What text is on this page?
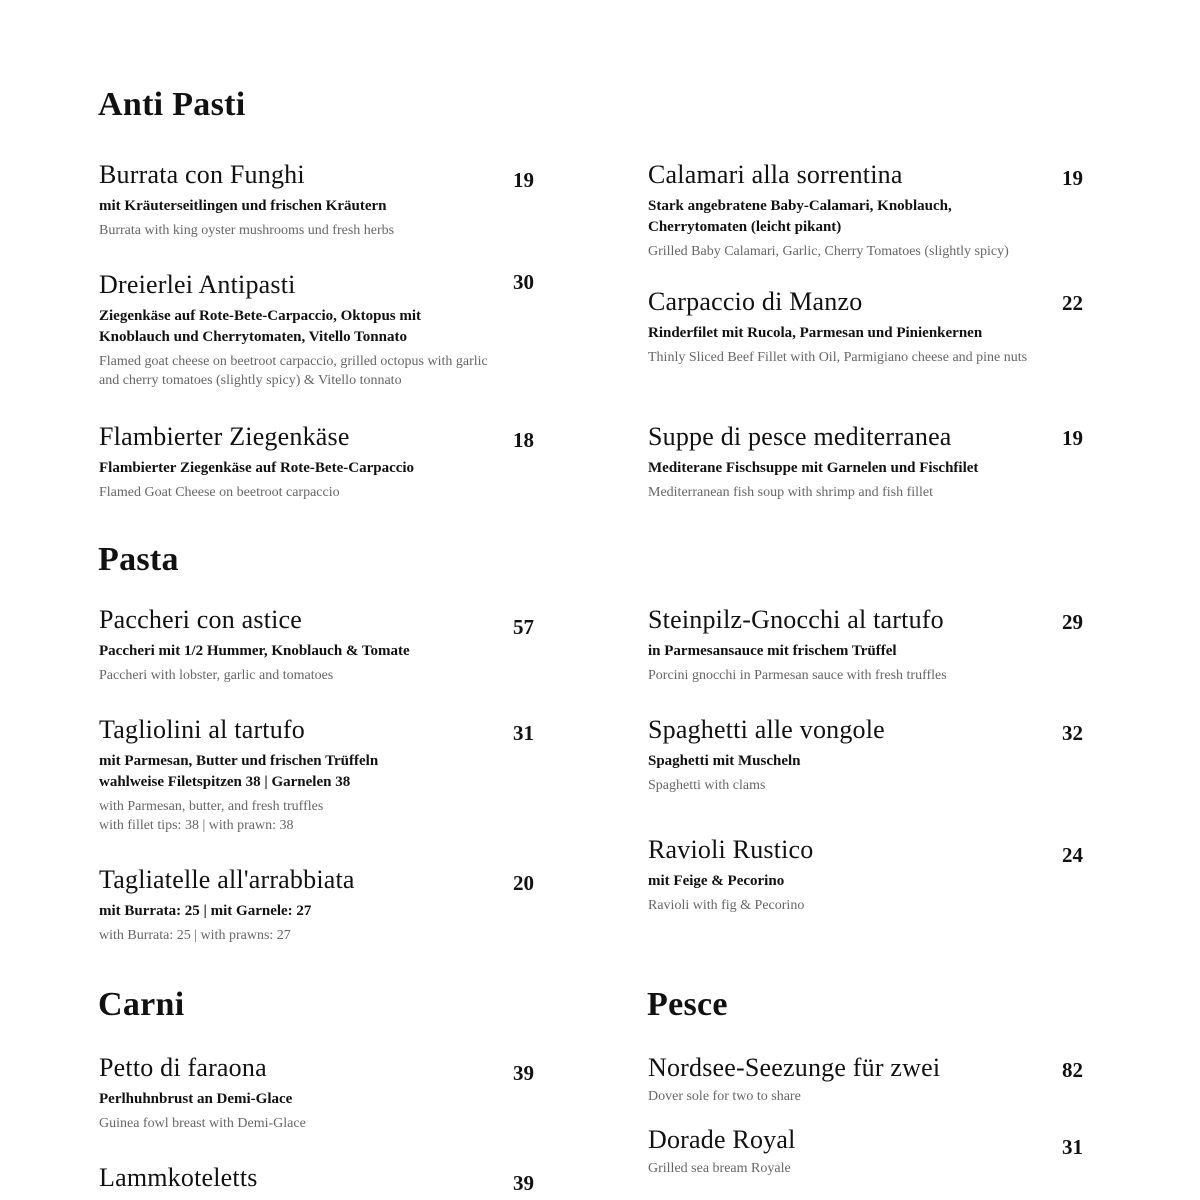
Anti Pasti
Pasta
Carni	Pesce
Burrata con Funghi	19
mit Kräuterseitlingen und frischen Kräutern
Burrata with king oyster mushrooms und fresh herbs
Calamari alla sorrentina	19
Stark angebratene Baby-Calamari, Knoblauch,
Cherrytomaten (leicht pikant)
Grilled Baby Calamari, Garlic, Cherry Tomatoes (slightly spicy)
Dreierlei Antipasti	30
Ziegenkäse auf Rote-Bete-Carpaccio, Oktopus mit
Knoblauch und Cherrytomaten, Vitello Tonnato
Flamed goat cheese on beetroot carpaccio, grilled octopus with garlic
and cherry tomatoes (slightly spicy) & Vitello tonnato
Carpaccio di Manzo	22
Rinderfilet mit Rucola, Parmesan und Pinienkernen
Thinly Sliced Beef Fillet with Oil, Parmigiano cheese and pine nuts
Flambierter Ziegenkäse	18
Flambierter Ziegenkäse auf Rote-Bete-Carpaccio
Flamed Goat Cheese on beetroot carpaccio
Suppe di pesce mediterranea	19
Mediterane Fischsuppe mit Garnelen und Fischfilet
Mediterranean fish soup with shrimp and fish fillet
Paccheri con astice	57
Paccheri mit 1/2 Hummer, Knoblauch & Tomate
Paccheri with lobster, garlic and tomatoes
Steinpilz-Gnocchi al tartufo	29
in Parmesansauce mit frischem Trüffel
Porcini gnocchi in Parmesan sauce with fresh truffles
Tagliolini al tartufo	31
mit Parmesan, Butter und frischen Trüffeln
wahlweise Filetspitzen 38 | Garnelen 38
with Parmesan, butter, and fresh truffles
with fillet tips: 38 | with prawn: 38
Spaghetti alle vongole	32
Spaghetti mit Muscheln
Spaghetti with clams
Tagliatelle all'arrabbiata	20
mit Burrata: 25 | mit Garnele: 27
with Burrata: 25 | with prawns: 27
Ravioli Rustico	24
mit Feige & Pecorino
Ravioli with fig & Pecorino
Petto di faraona	39
Perlhuhnbrust an Demi-Glace
Guinea fowl breast with Demi-Glace
Lammkoteletts	39
Nordsee-Seezunge für zwei	82
Dover sole for two to share
Dorade Royal	31
Grilled sea bream Royale
